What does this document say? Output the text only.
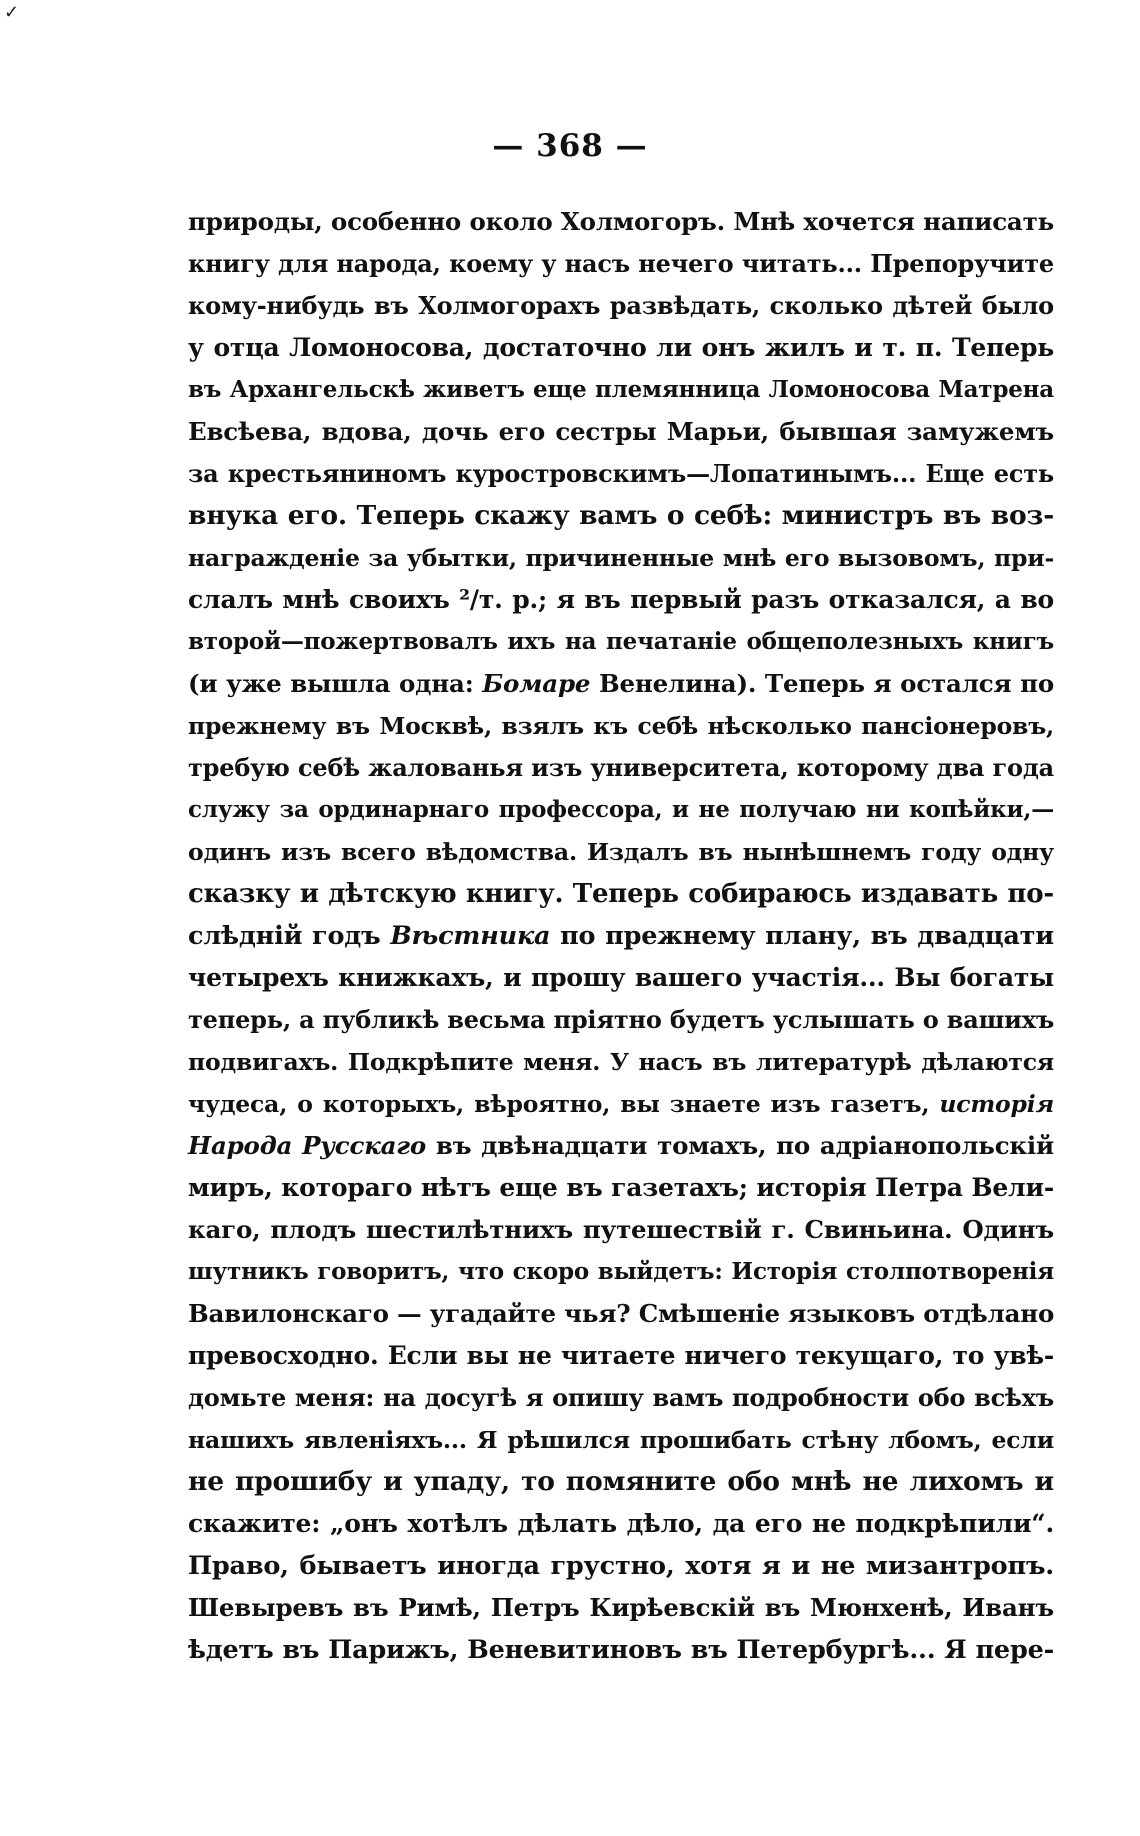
✓
— 368 —
природы, особенно около Холмогоръ. Мнѣ хочется написать
книгу для народа, коему у насъ нечего читать... Препоручите
кому-нибудь въ Холмогорахъ развѣдать, сколько дѣтей было
у отца Ломоносова, достаточно ли онъ жилъ и т. п. Теперь
въ Архангельскѣ живетъ еще племянница Ломоносова Матрена
Евсѣева, вдова, дочь его сестры Марьи, бывшая замужемъ
за крестьяниномъ куростровскимъ—Лопатинымъ... Еще есть
внука его. Теперь скажу вамъ о себѣ: министръ въ воз-
награжденіе за убытки, причиненные мнѣ его вызовомъ, при-
слалъ мнѣ своихъ ²/т. р.; я въ первый разъ отказался, а во
второй—пожертвовалъ ихъ на печатаніе общеполезныхъ книгъ
(и уже вышла одна: Бомаре Венелина). Теперь я остался по
прежнему въ Москвѣ, взялъ къ себѣ нѣсколько пансіонеровъ,
требую себѣ жалованья изъ университета, которому два года
служу за ординарнаго профессора, и не получаю ни копѣйки,—
одинъ изъ всего вѣдомства. Издалъ въ нынѣшнемъ году одну
сказку и дѣтскую книгу. Теперь собираюсь издавать по-
слѣдній годъ Вѣстника по прежнему плану, въ двадцати
четырехъ книжкахъ, и прошу вашего участія... Вы богаты
теперь, а публикѣ весьма пріятно будетъ услышать о вашихъ
подвигахъ. Подкрѣпите меня. У насъ въ литературѣ дѣлаются
чудеса, о которыхъ, вѣроятно, вы знаете изъ газетъ, исторія
Народа Русскаго въ двѣнадцати томахъ, по адріанопольскій
миръ, котораго нѣтъ еще въ газетахъ; исторія Петра Вели-
каго, плодъ шестилѣтнихъ путешествій г. Свиньина. Одинъ
шутникъ говоритъ, что скоро выйдетъ: Исторія столпотворенія
Вавилонскаго — угадайте чья? Смѣшеніе языковъ отдѣлано
превосходно. Если вы не читаете ничего текущаго, то увѣ-
домьте меня: на досугѣ я опишу вамъ подробности обо всѣхъ
нашихъ явленіяхъ... Я рѣшился прошибать стѣну лбомъ, если
не прошибу и упаду, то помяните обо мнѣ не лихомъ и
скажите: „онъ хотѣлъ дѣлать дѣло, да его не подкрѣпили“.
Право, бываетъ иногда грустно, хотя я и не мизантропъ.
Шевыревъ въ Римѣ, Петръ Кирѣевскій въ Мюнхенѣ, Иванъ
ѣдетъ въ Парижъ, Веневитиновъ въ Петербургѣ... Я пере-
